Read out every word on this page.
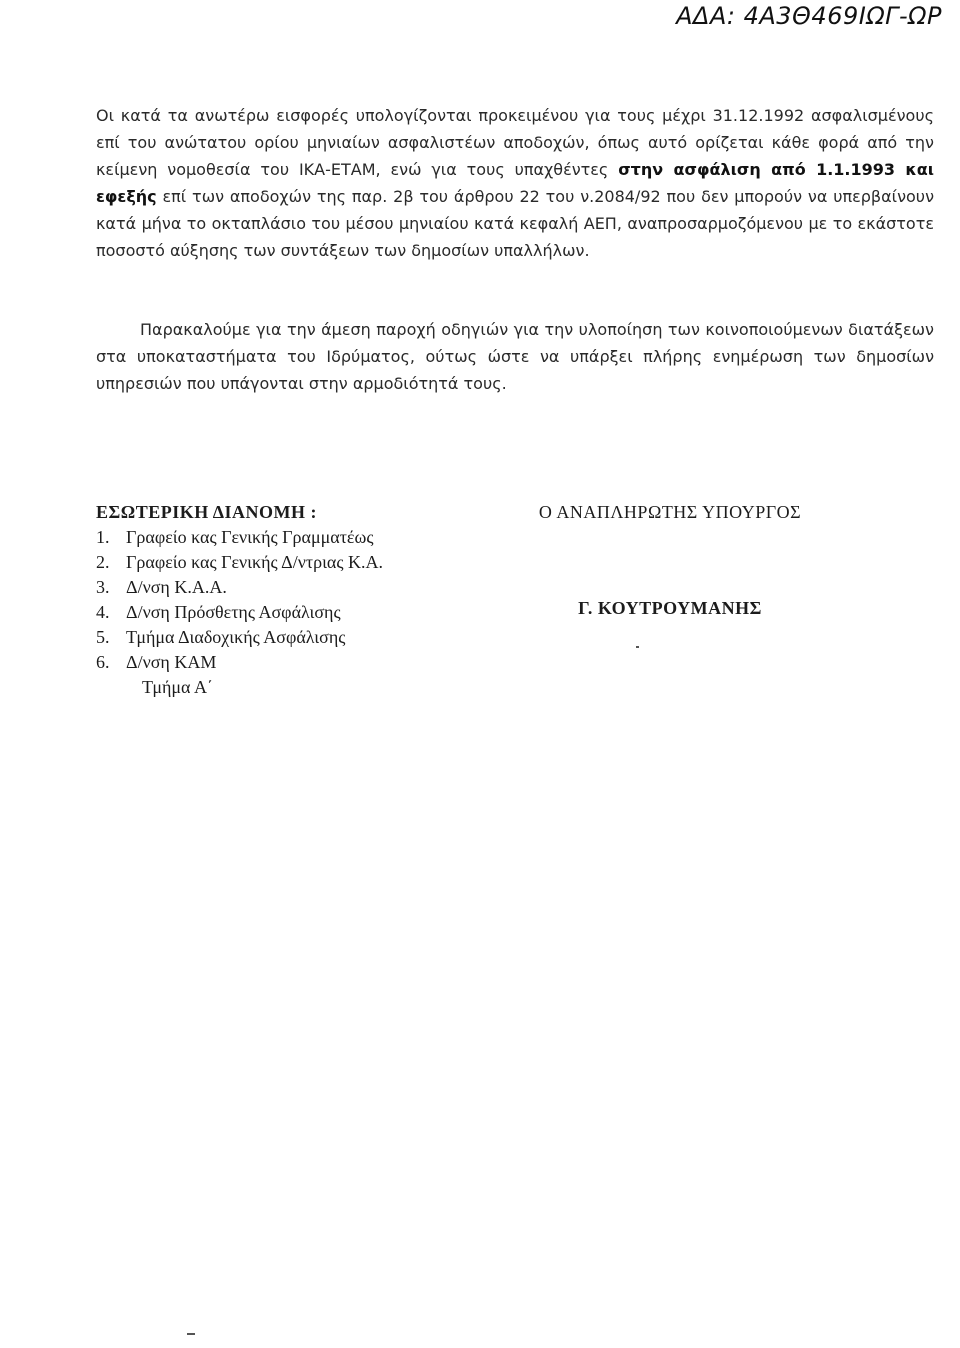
ΑΔΑ: 4Α3Θ469ΙΩΓ-ΩΡ

Οι κατά τα ανωτέρω εισφορές υπολογίζονται προκειμένου για τους μέχρι 31.12.1992 ασφαλισμένους επί του ανώτατου ορίου μηνιαίων ασφαλιστέων αποδοχών, όπως αυτό ορίζεται κάθε φορά από την κείμενη νομοθεσία του ΙΚΑ-ΕΤΑΜ, ενώ για τους υπαχθέντες στην ασφάλιση από 1.1.1993 και εφεξής επί των αποδοχών της παρ. 2β του άρθρου 22 του ν.2084/92 που δεν μπορούν να υπερβαίνουν κατά μήνα το οκταπλάσιο του μέσου μηνιαίου κατά κεφαλή ΑΕΠ, αναπροσαρμοζόμενου με το εκάστοτε ποσοστό αύξησης των συντάξεων των δημοσίων υπαλλήλων.

Παρακαλούμε για την άμεση παροχή οδηγιών για την υλοποίηση των κοινοποιούμενων διατάξεων στα υποκαταστήματα του Ιδρύματος, ούτως ώστε να υπάρξει πλήρης ενημέρωση των δημοσίων υπηρεσιών που υπάγονται στην αρμοδιότητά τους.

ΕΣΩΤΕΡΙΚΗ ΔΙΑΝΟΜΗ :
1. Γραφείο κας Γενικής Γραμματέως
2. Γραφείο κας Γενικής Δ/ντριας Κ.Α.
3. Δ/νση Κ.Α.Α.
4. Δ/νση Πρόσθετης Ασφάλισης
5. Τμήμα Διαδοχικής Ασφάλισης
6. Δ/νση ΚΑΜ
Τμήμα Α΄
Ο ΑΝΑΠΛΗΡΩΤΗΣ ΥΠΟΥΡΓΟΣ
Γ. ΚΟΥΤΡΟΥΜΑΝΗΣ
